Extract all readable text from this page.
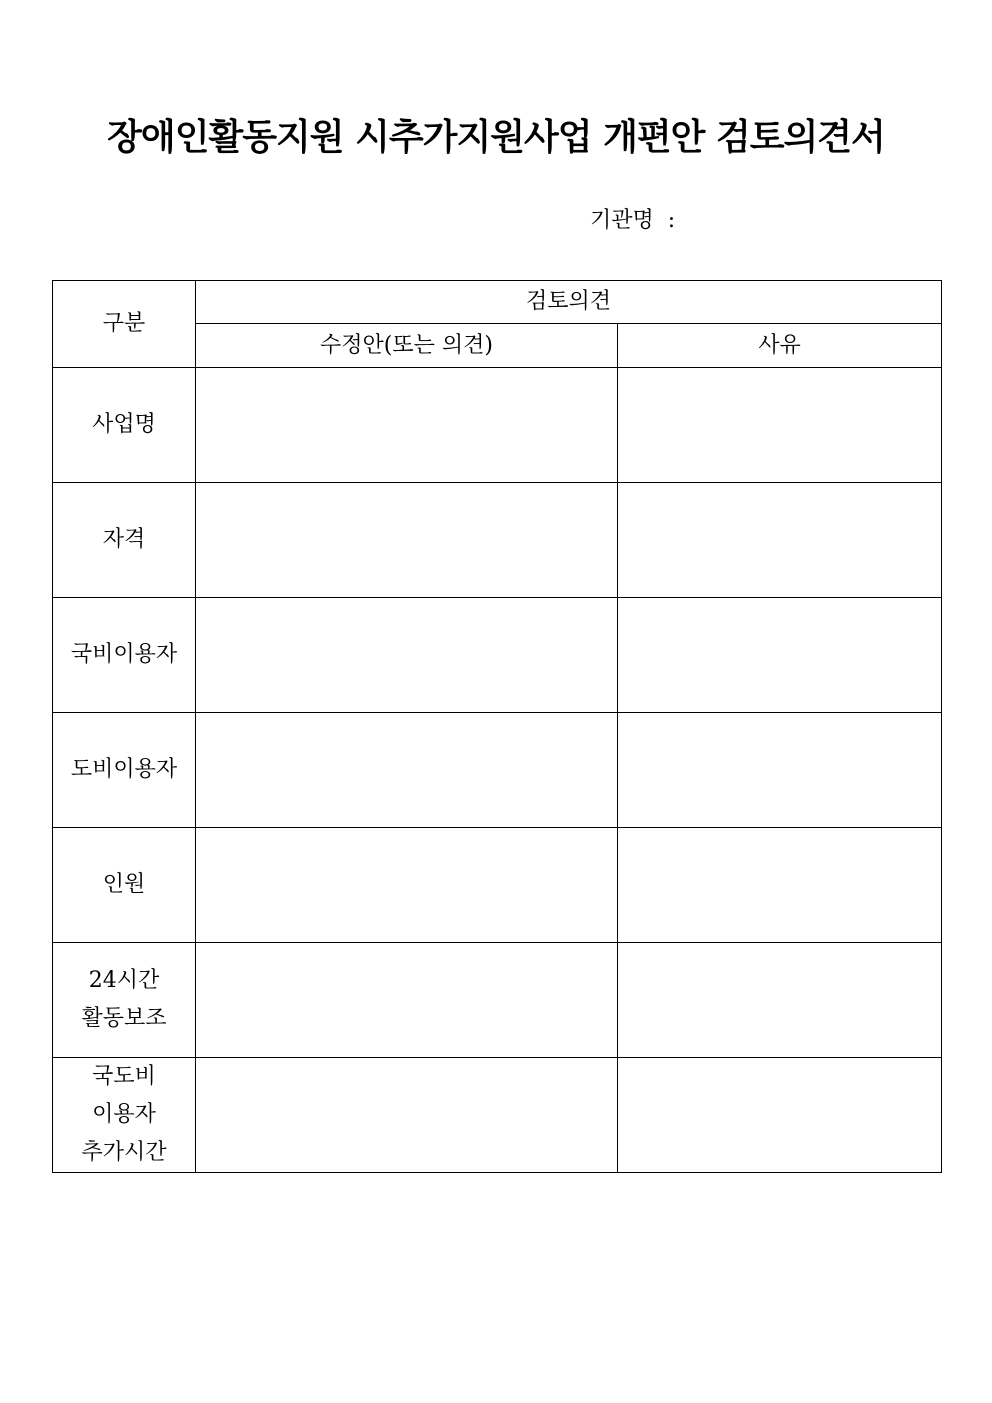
장애인활동지원 시추가지원사업 개편안 검토의견서
기관명 :
구분	검토의견	
	수정안(또는 의견)	사유

사업명		

자격		

국비이용자		

도비이용자		

인원		

24시간
활동보조		

국도비
이용자
추가시간		
